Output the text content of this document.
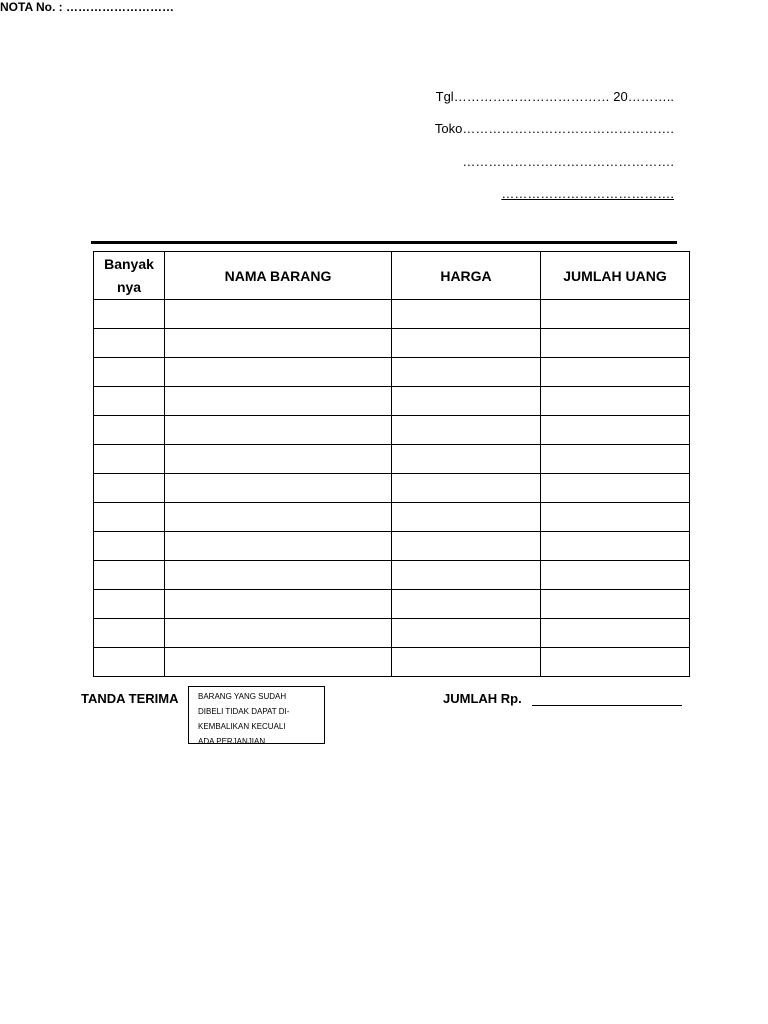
Tgl……………………………… 20………..
Toko………………………………………….
………………………………………….
………………………………….
NOTA No. : ………………………
Banyak nya	NAMA BARANG	HARGA	JUMLAH UANG

TANDA TERIMA BARANG YANG SUDAH
DIBELI TIDAK DAPAT DI-
KEMBALIKAN KECUALI
ADA PERJANJIAN.
JUMLAH Rp.
